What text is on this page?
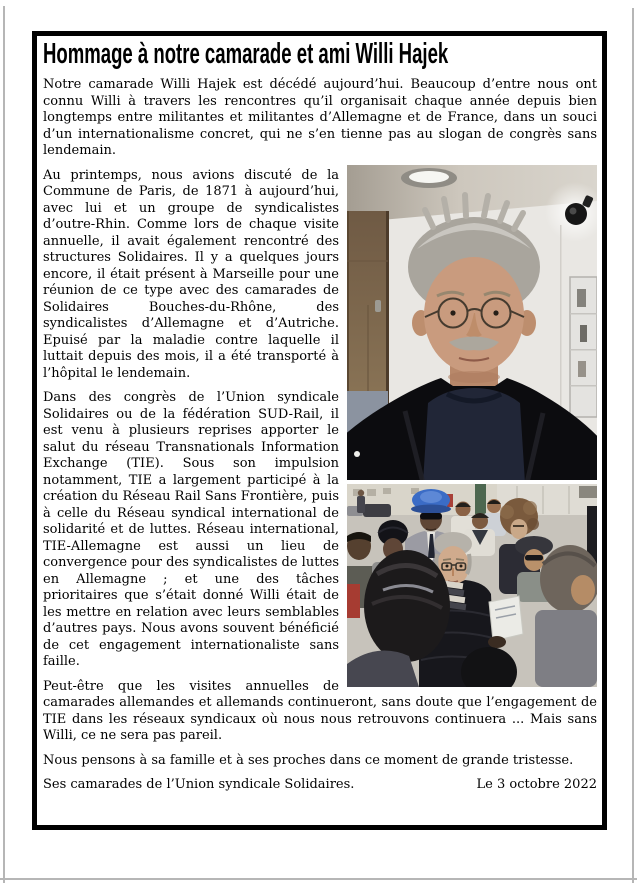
Hommage à notre camarade et ami Willi Hajek

Notre camarade Willi Hajek est décédé aujourd’hui. Beaucoup d’entre nous ont connu Willi à travers les rencontres qu’il organisait chaque année depuis bien longtemps entre militantes et militantes d’Allemagne et de France, dans un souci d’un internationalisme concret, qui ne s’en tienne pas au slogan de congrès sans lendemain.

Au printemps, nous avions discuté de la Commune de Paris, de 1871 à aujourd’hui, avec lui et un groupe de syndicalistes d’outre-Rhin. Comme lors de chaque visite annuelle, il avait également rencontré des structures Solidaires. Il y a quelques jours encore, il était présent à Marseille pour une réunion de ce type avec des camarades de Solidaires Bouches-du-Rhône, des syndicalistes d’Allemagne et d’Autriche. Epuisé par la maladie contre laquelle il luttait depuis des mois, il a été transporté à l’hôpital le lendemain.

Dans des congrès de l’Union syndicale Solidaires ou de la fédération SUD-Rail, il est venu à plusieurs reprises apporter le salut du réseau Transnationals Information Exchange (TIE). Sous son impulsion notamment, TIE a largement participé à la création du Réseau Rail Sans Frontière, puis à celle du Réseau syndical international de solidarité et de luttes. Réseau international, TIE-Allemagne est aussi un lieu de convergence pour des syndicalistes de luttes en Allemagne ; et une des tâches prioritaires que s’était donné Willi était de les mettre en relation avec leurs semblables d’autres pays. Nous avons souvent bénéficié de cet engagement internationaliste sans faille.

Peut-être que les visites annuelles de camarades allemandes et allemands continueront, sans doute que l’engagement de TIE dans les réseaux syndicaux où nous nous retrouvons continuera ... Mais sans Willi, ce ne sera pas pareil.

Nous pensons à sa famille et à ses proches dans ce moment de grande tristesse.

Ses camarades de l’Union syndicale Solidaires.	Le 3 octobre 2022
